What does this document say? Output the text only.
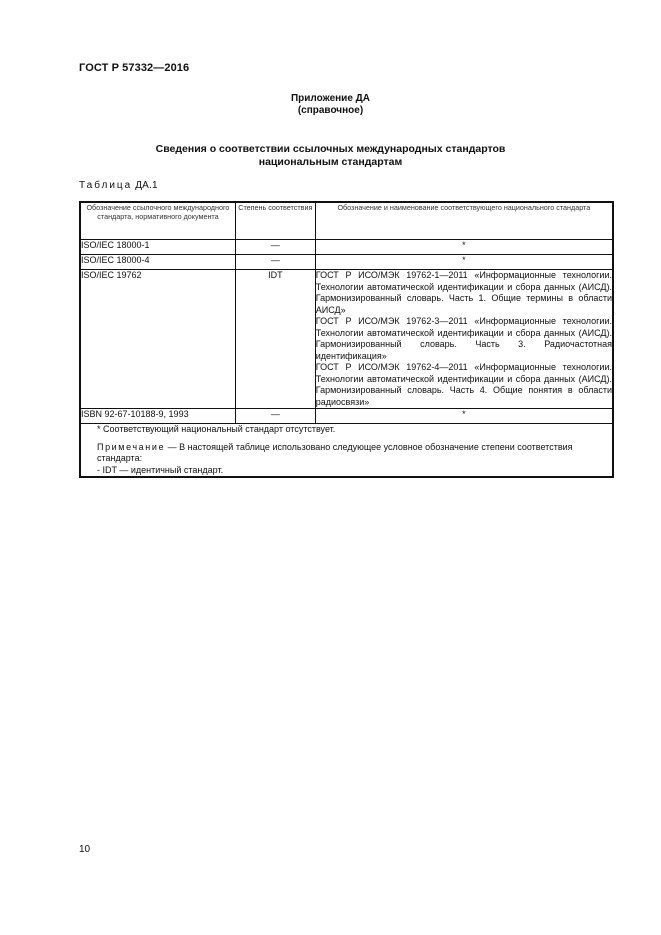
ГОСТ Р 57332—2016
Приложение ДА
(справочное)
Сведения о соответствии ссылочных международных стандартов
национальным стандартам
Таблица ДА.1
Обозначение ссылочного международного стандарта, нормативного документа	Степень соответствия	Обозначение и наименование соответствующего национального стандарта
ISO/IEC 18000-1	—	*
ISO/IEC 18000-4	—	*
ISO/IEC 19762	IDT	ГОСТ Р ИСО/МЭК 19762-1—2011 «Информационные технологии. Технологии автоматической идентификации и сбора данных (АИСД). Гармонизированный словарь. Часть 1. Общие термины в области АИСД»
ГОСТ Р ИСО/МЭК 19762-3—2011 «Информационные технологии. Технологии автоматической идентификации и сбора данных (АИСД). Гармонизированный словарь. Часть 3. Радиочастотная идентификация»
ГОСТ Р ИСО/МЭК 19762-4—2011 «Информационные технологии. Технологии автоматической идентификации и сбора данных (АИСД). Гармонизированный словарь. Часть 4. Общие понятия в области радиосвязи»

ISBN 92-67-10188-9, 1993	—	*

* Соответствующий национальный стандарт отсутствует.
Примечание — В настоящей таблице использовано следующее условное обозначение степени соответствия стандарта:
- IDT — идентичный стандарт.		
10
